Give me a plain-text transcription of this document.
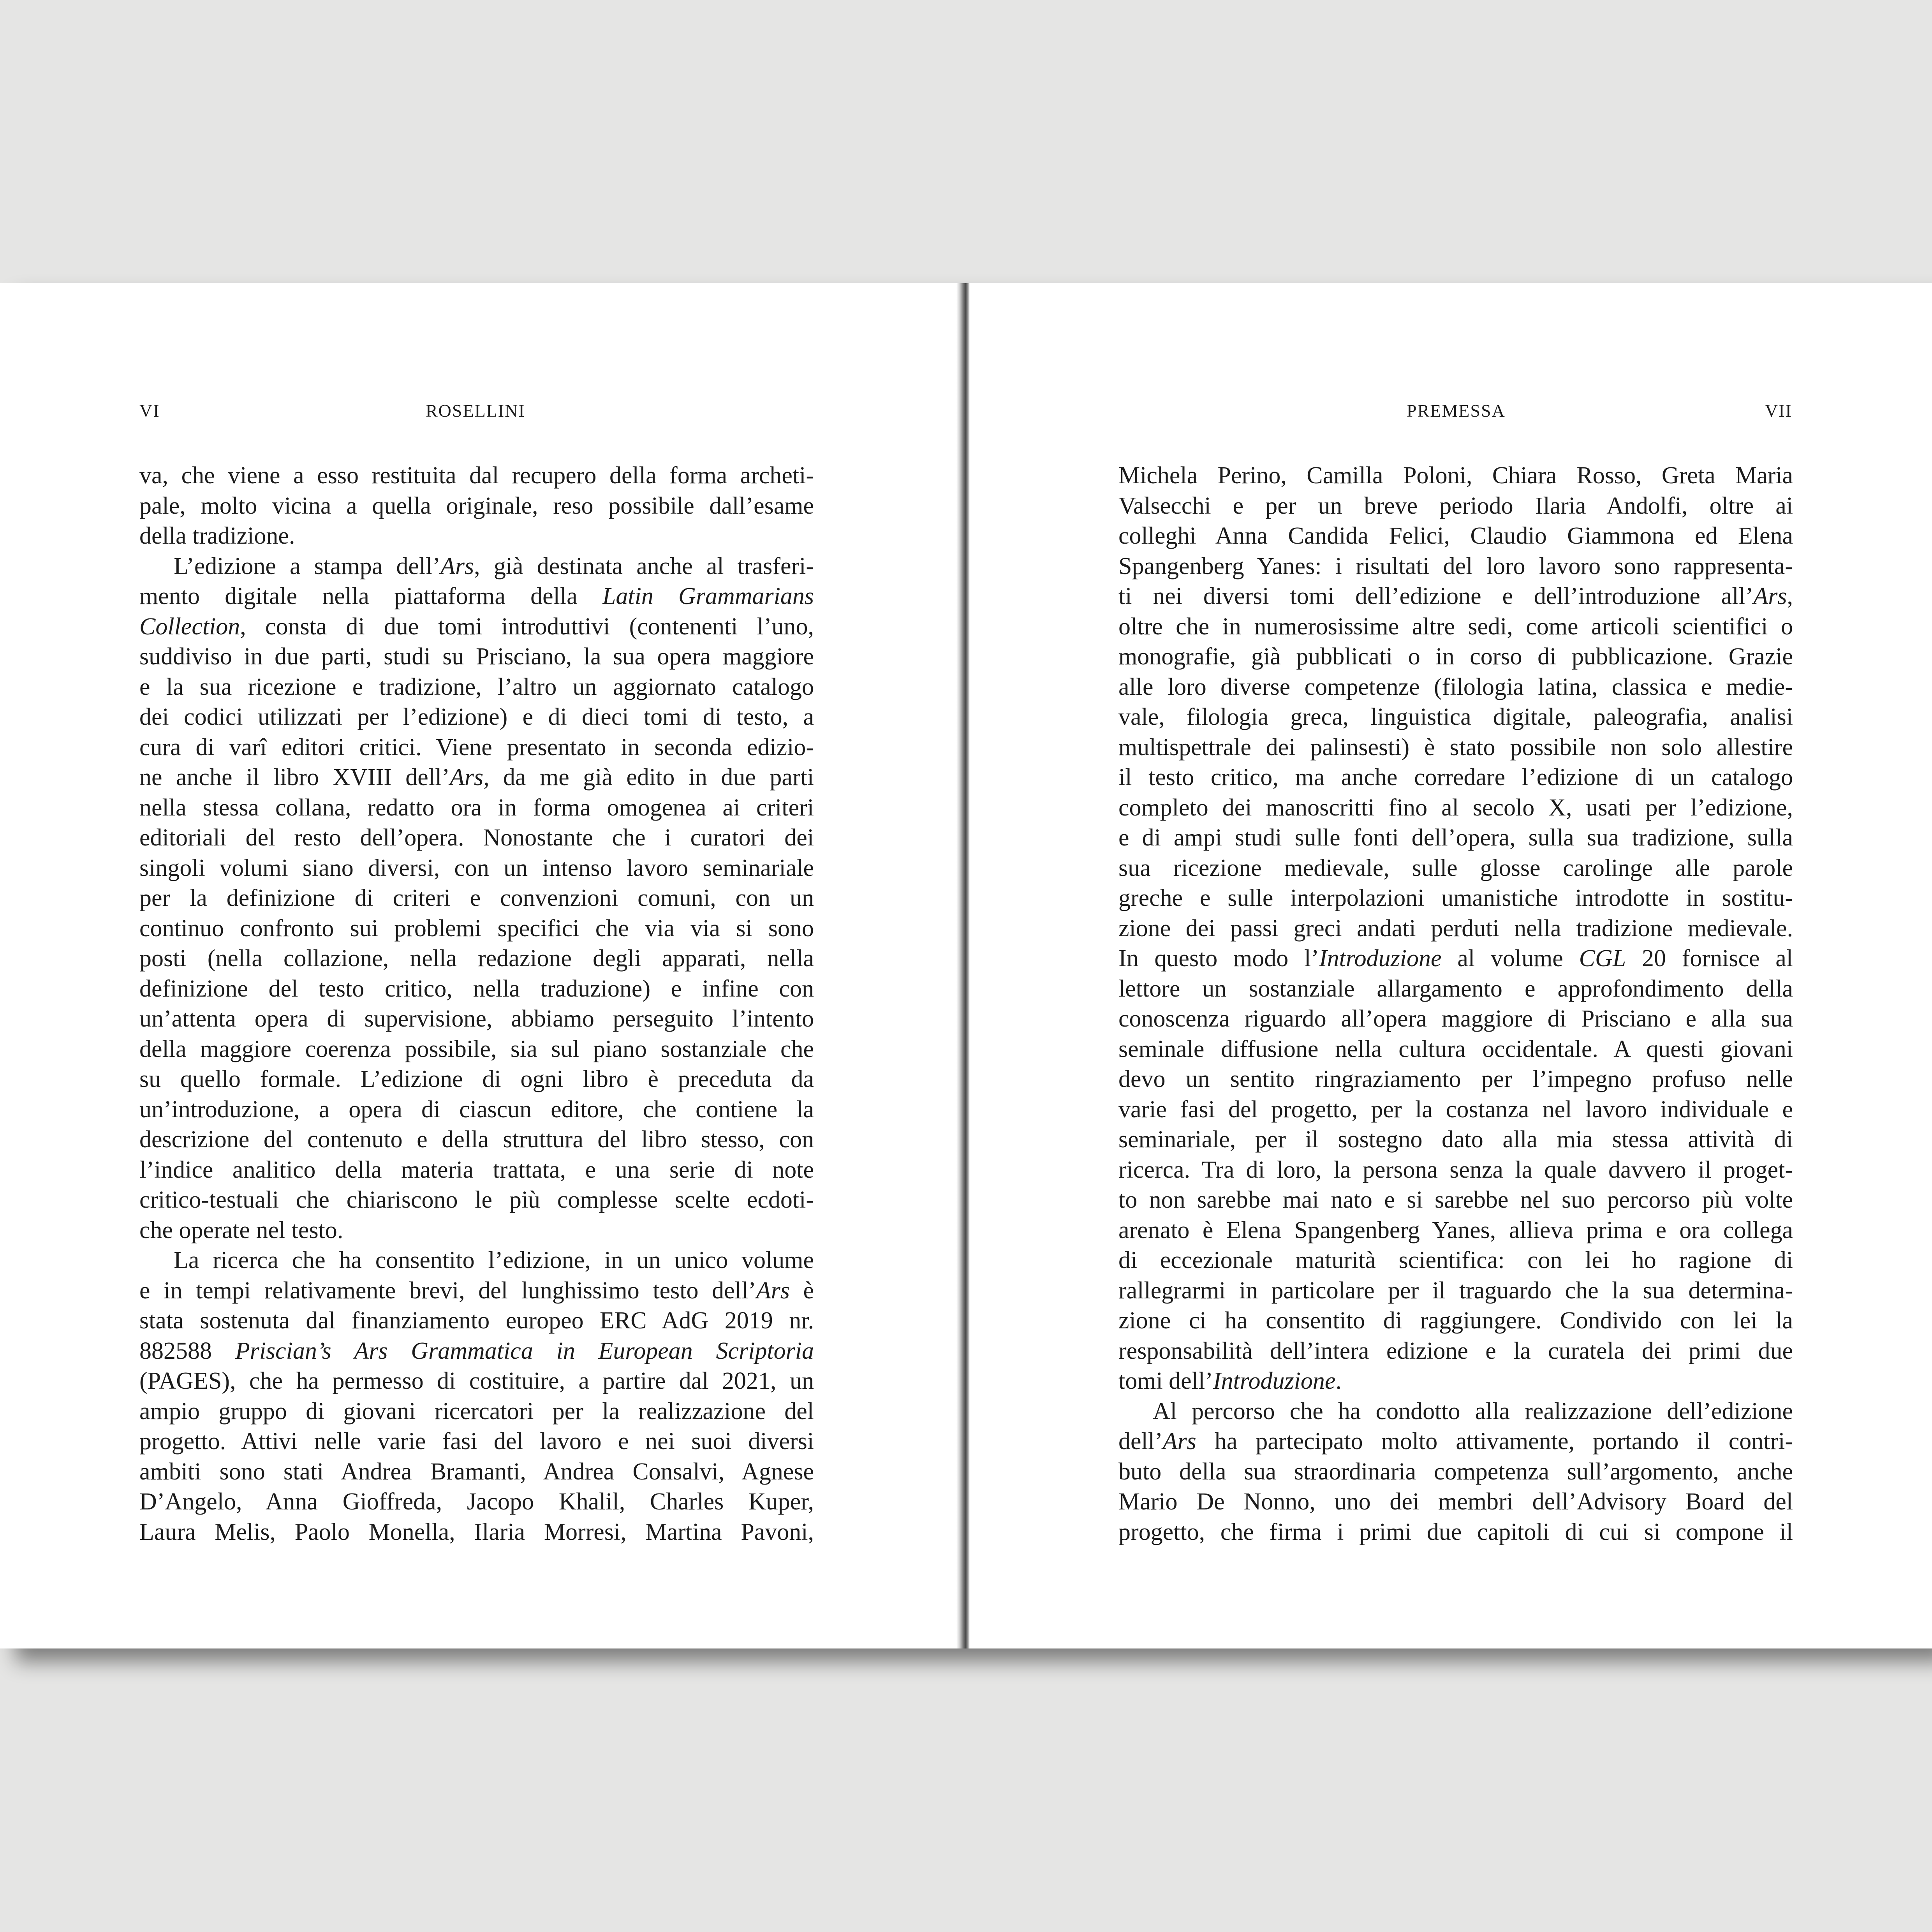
VI	ROSELLINI	PREMESSA	VII
va, che viene a esso restituita dal recupero della forma archeti-
pale, molto vicina a quella originale, reso possibile dall’esame
della tradizione.
L’edizione a stampa dell’Ars, già destinata anche al trasferi-
mento digitale nella piattaforma della Latin Grammarians
Collection, consta di due tomi introduttivi (contenenti l’uno,
suddiviso in due parti, studi su Prisciano, la sua opera maggiore
e la sua ricezione e tradizione, l’altro un aggiornato catalogo
dei codici utilizzati per l’edizione) e di dieci tomi di testo, a
cura di varî editori critici. Viene presentato in seconda edizio-
ne anche il libro XVIII dell’Ars, da me già edito in due parti
nella stessa collana, redatto ora in forma omogenea ai criteri
editoriali del resto dell’opera. Nonostante che i curatori dei
singoli volumi siano diversi, con un intenso lavoro seminariale
per la definizione di criteri e convenzioni comuni, con un
continuo confronto sui problemi specifici che via via si sono
posti (nella collazione, nella redazione degli apparati, nella
definizione del testo critico, nella traduzione) e infine con
un’attenta opera di supervisione, abbiamo perseguito l’intento
della maggiore coerenza possibile, sia sul piano sostanziale che
su quello formale. L’edizione di ogni libro è preceduta da
un’introduzione, a opera di ciascun editore, che contiene la
descrizione del contenuto e della struttura del libro stesso, con
l’indice analitico della materia trattata, e una serie di note
critico-testuali che chiariscono le più complesse scelte ecdoti-
che operate nel testo.
La ricerca che ha consentito l’edizione, in un unico volume
e in tempi relativamente brevi, del lunghissimo testo dell’Ars è
stata sostenuta dal finanziamento europeo ERC AdG 2019 nr.
882588 Priscian’s Ars Grammatica in European Scriptoria
(PAGES), che ha permesso di costituire, a partire dal 2021, un
ampio gruppo di giovani ricercatori per la realizzazione del
progetto. Attivi nelle varie fasi del lavoro e nei suoi diversi
ambiti sono stati Andrea Bramanti, Andrea Consalvi, Agnese
D’Angelo, Anna Gioffreda, Jacopo Khalil, Charles Kuper,
Laura Melis, Paolo Monella, Ilaria Morresi, Martina Pavoni,
Michela Perino, Camilla Poloni, Chiara Rosso, Greta Maria
Valsecchi e per un breve periodo Ilaria Andolfi, oltre ai
colleghi Anna Candida Felici, Claudio Giammona ed Elena
Spangenberg Yanes: i risultati del loro lavoro sono rappresenta-
ti nei diversi tomi dell’edizione e dell’introduzione all’Ars,
oltre che in numerosissime altre sedi, come articoli scientifici o
monografie, già pubblicati o in corso di pubblicazione. Grazie
alle loro diverse competenze (filologia latina, classica e medie-
vale, filologia greca, linguistica digitale, paleografia, analisi
multispettrale dei palinsesti) è stato possibile non solo allestire
il testo critico, ma anche corredare l’edizione di un catalogo
completo dei manoscritti fino al secolo X, usati per l’edizione,
e di ampi studi sulle fonti dell’opera, sulla sua tradizione, sulla
sua ricezione medievale, sulle glosse carolinge alle parole
greche e sulle interpolazioni umanistiche introdotte in sostitu-
zione dei passi greci andati perduti nella tradizione medievale.
In questo modo l’Introduzione al volume CGL 20 fornisce al
lettore un sostanziale allargamento e approfondimento della
conoscenza riguardo all’opera maggiore di Prisciano e alla sua
seminale diffusione nella cultura occidentale. A questi giovani
devo un sentito ringraziamento per l’impegno profuso nelle
varie fasi del progetto, per la costanza nel lavoro individuale e
seminariale, per il sostegno dato alla mia stessa attività di
ricerca. Tra di loro, la persona senza la quale davvero il proget-
to non sarebbe mai nato e si sarebbe nel suo percorso più volte
arenato è Elena Spangenberg Yanes, allieva prima e ora collega
di eccezionale maturità scientifica: con lei ho ragione di
rallegrarmi in particolare per il traguardo che la sua determina-
zione ci ha consentito di raggiungere. Condivido con lei la
responsabilità dell’intera edizione e la curatela dei primi due
tomi dell’Introduzione.
Al percorso che ha condotto alla realizzazione dell’edizione
dell’Ars ha partecipato molto attivamente, portando il contri-
buto della sua straordinaria competenza sull’argomento, anche
Mario De Nonno, uno dei membri dell’Advisory Board del
progetto, che firma i primi due capitoli di cui si compone il
